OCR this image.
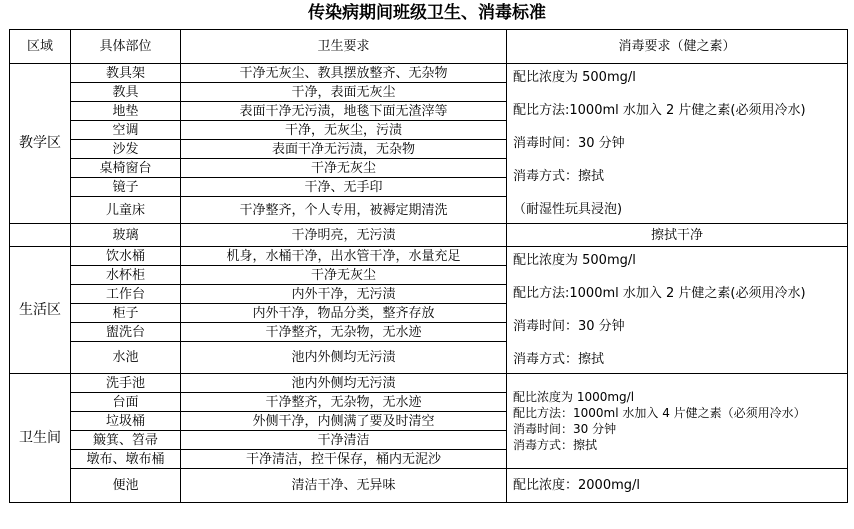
传染病期间班级卫生、消毒标准
区域	具体部位	卫生要求	消毒要求（健之素）
教学区	教具架	干净无灰尘、教具摆放整齐、无杂物	配比浓度为 500mg/l
配比方法:1000ml 水加入 2 片健之素(必须用冷水)
消毒时间：30 分钟
消毒方式：擦拭
（耐湿性玩具浸泡)

	教具	干净，表面无灰尘	
	地垫	表面干净无污渍，地毯下面无渣滓等	
	空调	干净，无灰尘，污渍	
	沙发	表面干净无污渍，无杂物	
	桌椅窗台	干净无灰尘	
	镜子	干净、无手印	
	儿童床	干净整齐，个人专用，被褥定期清洗	
	玻璃	干净明亮，无污渍	擦拭干净
生活区	饮水桶	机身，水桶干净，出水管干净，水量充足	配比浓度为 500mg/l
配比方法:1000ml 水加入 2 片健之素(必须用冷水)
消毒时间：30 分钟
消毒方式：擦拭

	水杯柜	干净无灰尘	
	工作台	内外干净，无污渍	
	柜子	内外干净，物品分类，整齐存放	
	盥洗台	干净整齐，无杂物，无水迹	
	水池	池内外侧均无污渍	
卫生间	洗手池	池内外侧均无污渍	配比浓度为 1000mg/l
配比方法：1000ml 水加入 4 片健之素（必须用冷水）
消毒时间：30 分钟
消毒方式：擦拭

	台面	干净整齐，无杂物，无水迹	
	垃圾桶	外侧干净，内侧满了要及时清空	
	簸箕、笤帚	干净清洁	
	墩布、墩布桶	干净清洁，控干保存，桶内无泥沙	
	便池	清洁干净、无异味	配比浓度：2000mg/l
